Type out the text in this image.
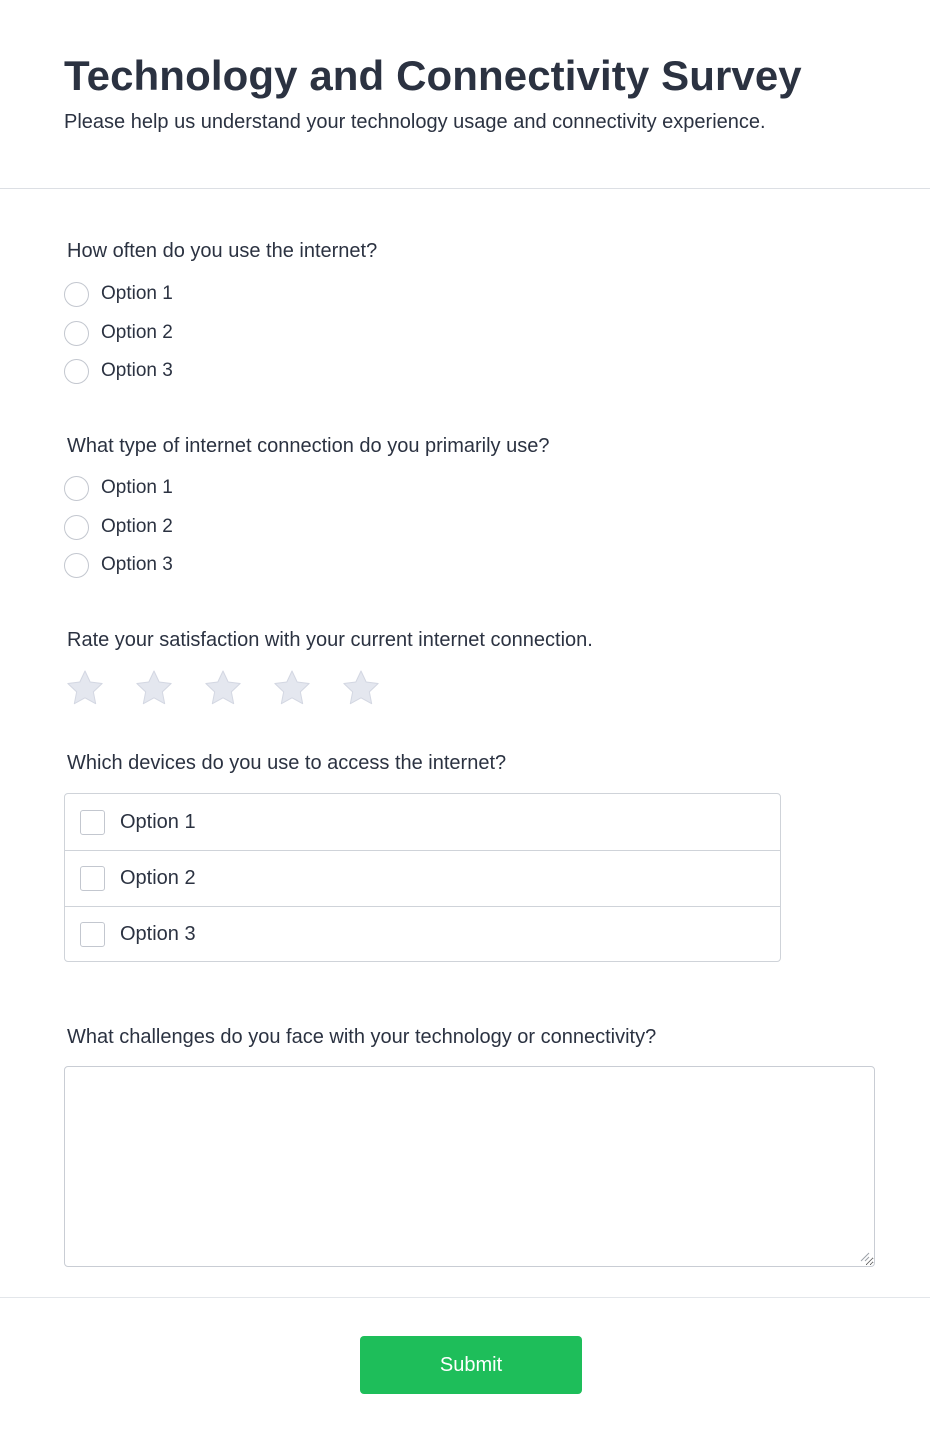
Technology and Connectivity Survey

Please help us understand your technology usage and connectivity experience.

How often do you use the internet?
Option 1
Option 2
Option 3
What type of internet connection do you primarily use?
Option 1
Option 2
Option 3
Rate your satisfaction with your current internet connection.
Which devices do you use to access the internet?
Option 1
Option 2
Option 3
What challenges do you face with your technology or connectivity?
Submit
